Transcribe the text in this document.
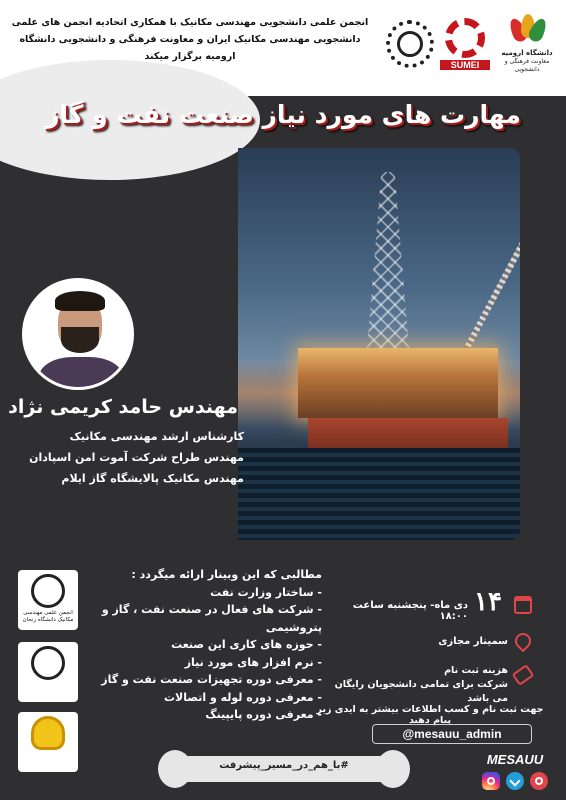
انجمن علمی دانشجویی مهندسی مکانیک با همکاری اتحادیه انجمن های علمی دانشجویی مهندسی مکانیک ایران و معاونت فرهنگی و دانشجویی دانشگاه ارومیه برگزار میکند
SUMEI
دانشگاه ارومیه
معاونت فرهنگی و دانشجویی
مهارت های مورد نیاز صنعت نفت و گاز
مهندس حامد کریمی نژاد
کارشناس ارشد مهندسی مکانیک
مهندس طراح شرکت آموت امن اسپادان
مهندس مکانیک پالایشگاه گاز ایلام
مطالبی که این وبینار ارائه میگردد :
- ساختار وزارت نفت
- شرکت های فعال در صنعت نفت ، گاز و پتروشیمی
- حوزه های کاری این صنعت
- نرم افزار های مورد نیاز
- معرفی دوره تجهیزات صنعت نفت و گاز
- معرفی دوره لوله و اتصالات
- معرفی دوره پایپینگ
انجمن علمی مهندسی مکانیک دانشگاه زنجان
۱۴
دی ماه- پنجشنبه ساعت ۱۸:۰۰
سمینار مجازی
هزینه ثبت نام
شرکت برای تمامی دانشجویان رایگان می باشد
جهت ثبت نام و کسب اطلاعات بیشتر به ایدی زیر پیام دهید
@mesauu_admin
#با_هم_در_مسیر_پیشرفت	MESAUU
